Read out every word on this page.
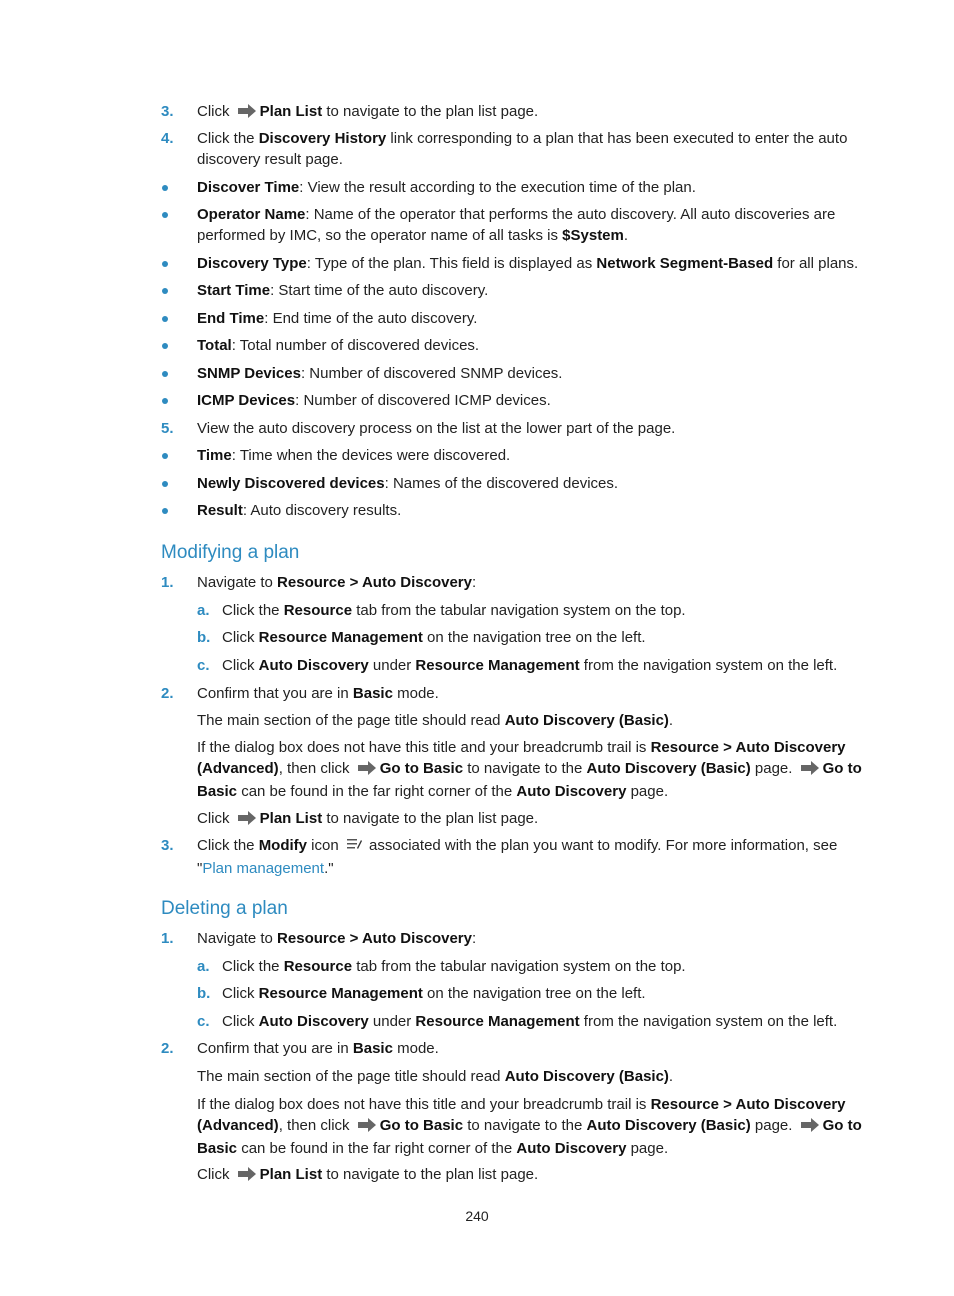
3. Click Plan List to navigate to the plan list page.
4. Click the Discovery History link corresponding to a plan that has been executed to enter the auto discovery result page.
Discover Time: View the result according to the execution time of the plan.
Operator Name: Name of the operator that performs the auto discovery. All auto discoveries are performed by IMC, so the operator name of all tasks is $System.
Discovery Type: Type of the plan. This field is displayed as Network Segment-Based for all plans.
Start Time: Start time of the auto discovery.
End Time: End time of the auto discovery.
Total: Total number of discovered devices.
SNMP Devices: Number of discovered SNMP devices.
ICMP Devices: Number of discovered ICMP devices.
5. View the auto discovery process on the list at the lower part of the page.
Time: Time when the devices were discovered.
Newly Discovered devices: Names of the discovered devices.
Result: Auto discovery results.
Modifying a plan
1. Navigate to Resource > Auto Discovery:
a. Click the Resource tab from the tabular navigation system on the top.
b. Click Resource Management on the navigation tree on the left.
c. Click Auto Discovery under Resource Management from the navigation system on the left.
2. Confirm that you are in Basic mode.
The main section of the page title should read Auto Discovery (Basic).
If the dialog box does not have this title and your breadcrumb trail is Resource > Auto Discovery
(Advanced), then click Go to Basic to navigate to the Auto Discovery (Basic) page. Go to
Basic can be found in the far right corner of the Auto Discovery page.
Click Plan List to navigate to the plan list page.
3. Click the Modify icon  associated with the plan you want to modify. For more information, see
"Plan management."
Deleting a plan
1. Navigate to Resource > Auto Discovery:
a. Click the Resource tab from the tabular navigation system on the top.
b. Click Resource Management on the navigation tree on the left.
c. Click Auto Discovery under Resource Management from the navigation system on the left.
2. Confirm that you are in Basic mode.
The main section of the page title should read Auto Discovery (Basic).
If the dialog box does not have this title and your breadcrumb trail is Resource > Auto Discovery
(Advanced), then click Go to Basic to navigate to the Auto Discovery (Basic) page. Go to
Basic can be found in the far right corner of the Auto Discovery page.
Click Plan List to navigate to the plan list page.
240
